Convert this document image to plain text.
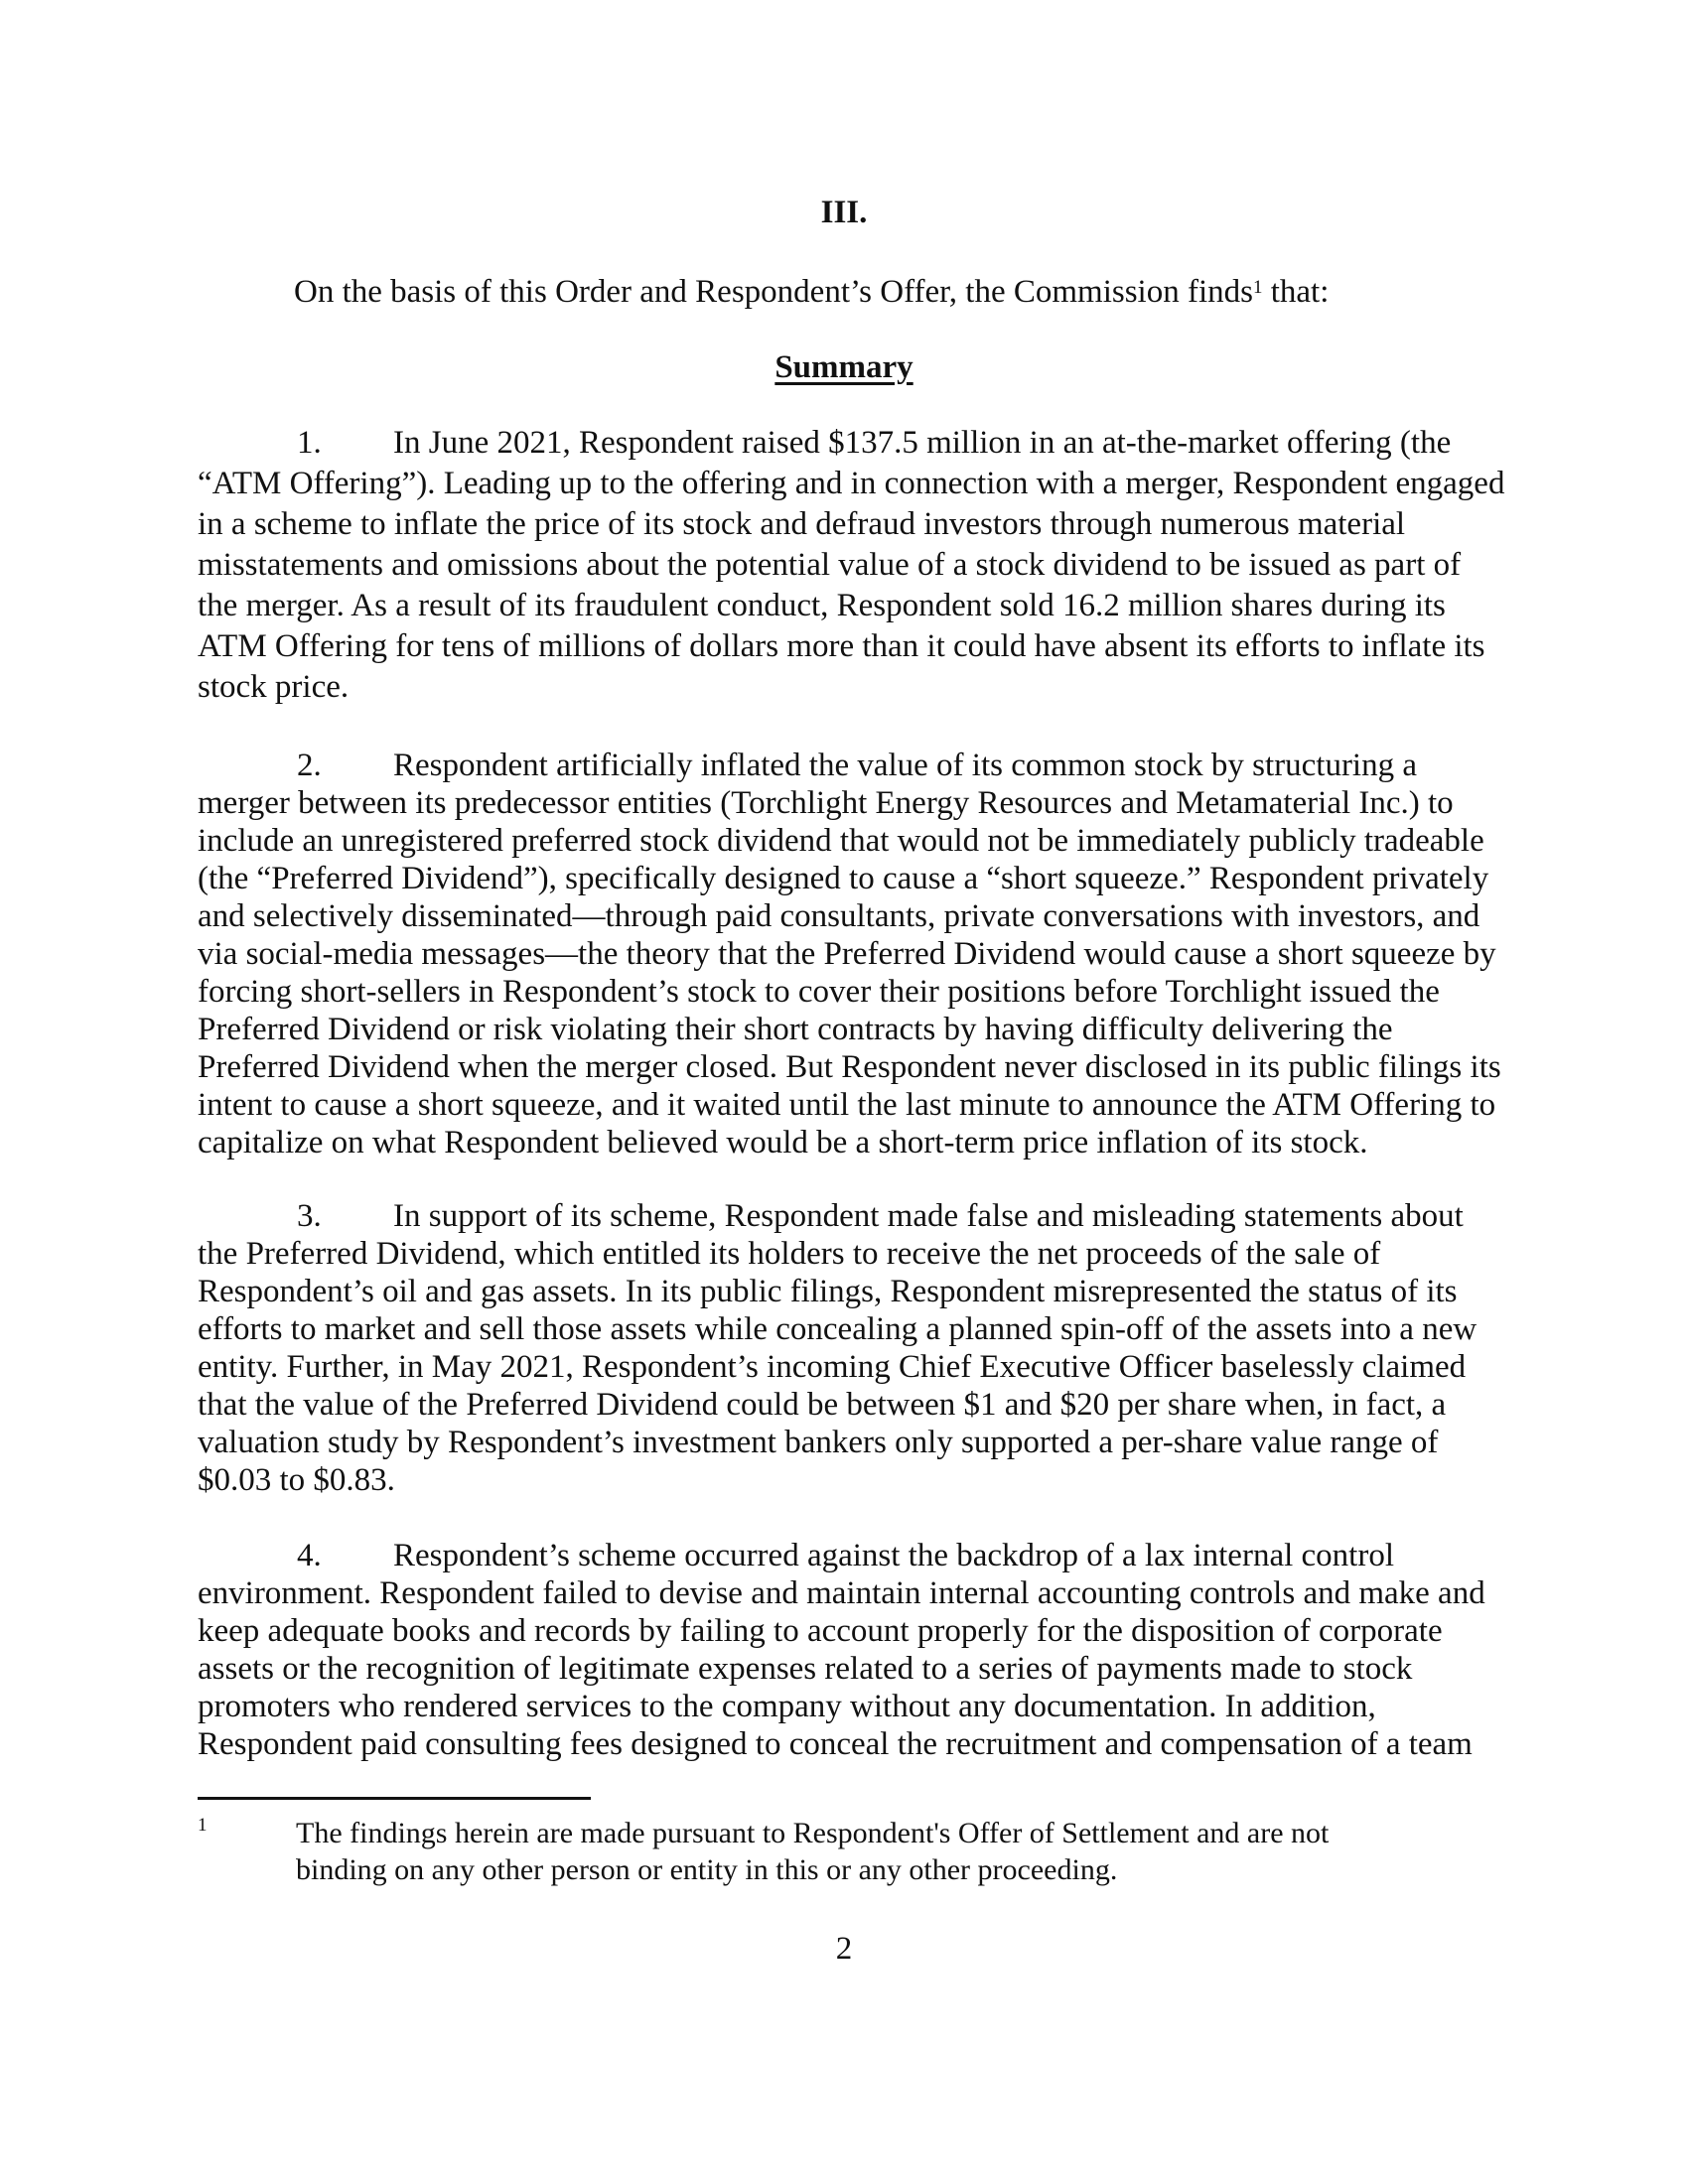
III.
On the basis of this Order and Respondent’s Offer, the Commission finds$^1$ that:
Summary
1. In June 2021, Respondent raised $137.5 million in an at-the-market offering (the
“ATM Offering”). Leading up to the offering and in connection with a merger, Respondent engaged
in a scheme to inflate the price of its stock and defraud investors through numerous material
misstatements and omissions about the potential value of a stock dividend to be issued as part of
the merger. As a result of its fraudulent conduct, Respondent sold 16.2 million shares during its
ATM Offering for tens of millions of dollars more than it could have absent its efforts to inflate its
stock price.
2. Respondent artificially inflated the value of its common stock by structuring a
merger between its predecessor entities (Torchlight Energy Resources and Metamaterial Inc.) to
include an unregistered preferred stock dividend that would not be immediately publicly tradeable
(the “Preferred Dividend”), specifically designed to cause a “short squeeze.” Respondent privately
and selectively disseminated—through paid consultants, private conversations with investors, and
via social-media messages—the theory that the Preferred Dividend would cause a short squeeze by
forcing short-sellers in Respondent’s stock to cover their positions before Torchlight issued the
Preferred Dividend or risk violating their short contracts by having difficulty delivering the
Preferred Dividend when the merger closed. But Respondent never disclosed in its public filings its
intent to cause a short squeeze, and it waited until the last minute to announce the ATM Offering to
capitalize on what Respondent believed would be a short-term price inflation of its stock.
3. In support of its scheme, Respondent made false and misleading statements about
the Preferred Dividend, which entitled its holders to receive the net proceeds of the sale of
Respondent’s oil and gas assets. In its public filings, Respondent misrepresented the status of its
efforts to market and sell those assets while concealing a planned spin-off of the assets into a new
entity. Further, in May 2021, Respondent’s incoming Chief Executive Officer baselessly claimed
that the value of the Preferred Dividend could be between $1 and $20 per share when, in fact, a
valuation study by Respondent’s investment bankers only supported a per-share value range of
$0.03 to $0.83.
4. Respondent’s scheme occurred against the backdrop of a lax internal control
environment. Respondent failed to devise and maintain internal accounting controls and make and
keep adequate books and records by failing to account properly for the disposition of corporate
assets or the recognition of legitimate expenses related to a series of payments made to stock
promoters who rendered services to the company without any documentation. In addition,
Respondent paid consulting fees designed to conceal the recruitment and compensation of a team
1	The findings herein are made pursuant to Respondent's Offer of Settlement and are not
binding on any other person or entity in this or any other proceeding.
2
